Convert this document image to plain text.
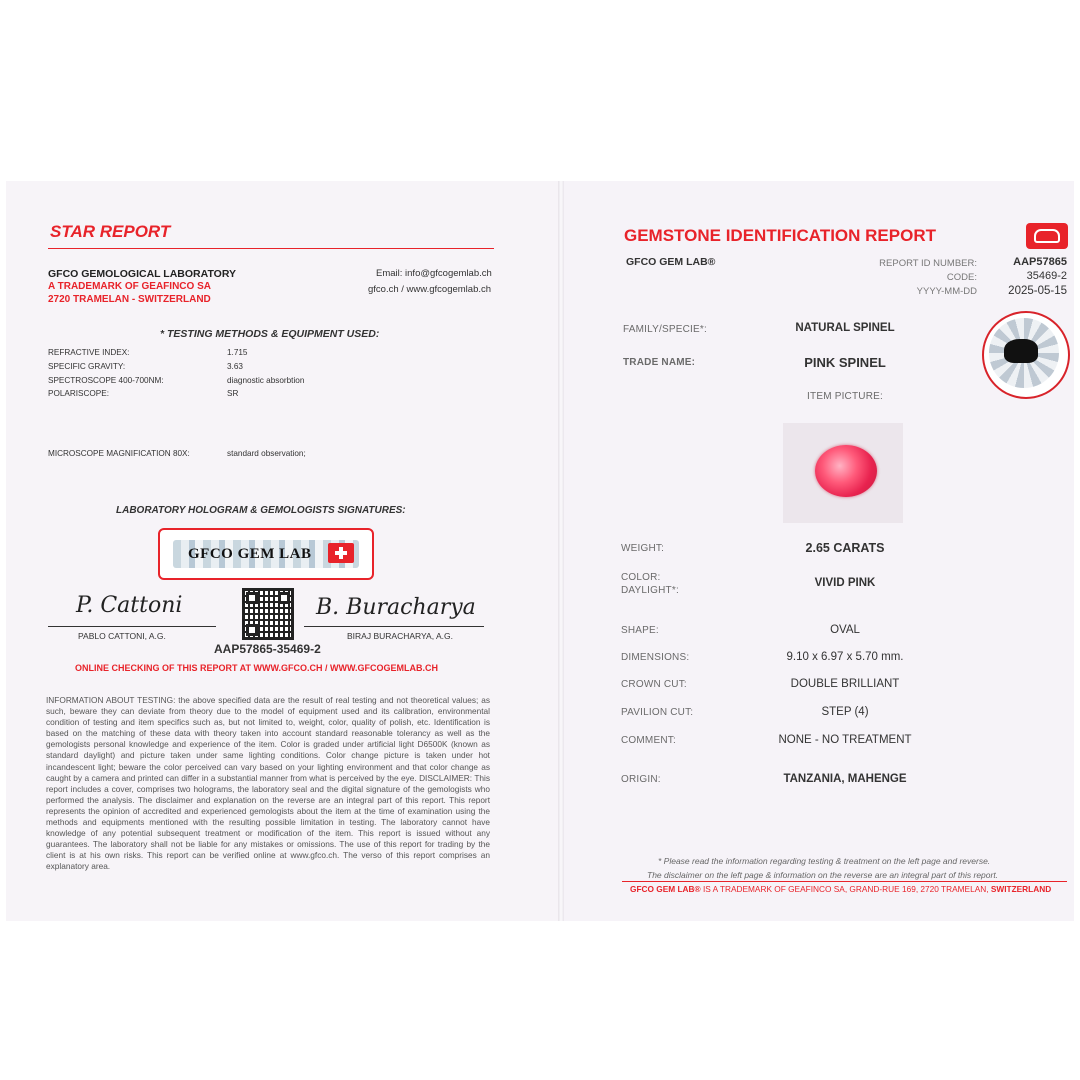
STAR REPORT
GFCO GEMOLOGICAL LABORATORY
A TRADEMARK OF GEAFINCO SA
2720 TRAMELAN - SWITZERLAND
Email: info@gfcogemlab.ch
gfco.ch / www.gfcogemlab.ch
* TESTING METHODS & EQUIPMENT USED:
REFRACTIVE INDEX:	1.715
SPECIFIC GRAVITY:	3.63
SPECTROSCOPE 400-700NM:	diagnostic absorbtion
POLARISCOPE:	SR
MICROSCOPE MAGNIFICATION 80X:	standard observation;
LABORATORY HOLOGRAM & GEMOLOGISTS SIGNATURES:
GFCO GEM LAB
P. Cattoni
PABLO CATTONI, A.G.
B. Buracharya
BIRAJ BURACHARYA, A.G.
AAP57865-35469-2
ONLINE CHECKING OF THIS REPORT AT WWW.GFCO.CH / WWW.GFCOGEMLAB.CH
INFORMATION ABOUT TESTING: the above specified data are the result of real testing and not theoretical values; as such, beware they can deviate from theory due to the model of equipment used and its calibration, environmental condition of testing and item specifics such as, but not limited to, weight, color, quality of polish, etc. Identification is based on the matching of these data with theory taken into account standard reasonable tolerancy as well as the gemologists personal knowledge and experience of the item. Color is graded under artificial light D6500K (known as standard daylight) and picture taken under same lighting conditions. Color change picture is taken under hot incandescent light; beware the color perceived can vary based on your lighting environment and that color change as caught by a camera and printed can differ in a substantial manner from what is perceived by the eye. DISCLAIMER: This report includes a cover, comprises two holograms, the laboratory seal and the digital signature of the gemologists who performed the analysis. The disclaimer and explanation on the reverse are an integral part of this report. This report represents the opinion of accredited and experienced gemologists about the item at the time of examination using the methods and equipments mentioned with the resulting possible limitation in testing. The laboratory cannot have knowledge of any potential subsequent treatment or modification of the item. This report is issued without any guarantees. The laboratory shall not be liable for any mistakes or omissions. The use of this report for trading by the client is at his own risks. This report can be verified online at www.gfco.ch. The verso of this report comprises an explanatory area.
GEMSTONE IDENTIFICATION REPORT
GFCO GEM LAB®	REPORT ID NUMBER:	AAP57865
CODE:	35469-2
YYYY-MM-DD	2025-05-15
FAMILY/SPECIE*:	NATURAL SPINEL
TRADE NAME:	PINK SPINEL
ITEM PICTURE:
WEIGHT:	2.65 CARATS
COLOR:
DAYLIGHT*:
VIVID PINK
SHAPE:	OVAL
DIMENSIONS:	9.10 x 6.97 x 5.70 mm.
CROWN CUT:	DOUBLE BRILLIANT
PAVILION CUT:	STEP (4)
COMMENT:	NONE - NO TREATMENT
ORIGIN:	TANZANIA, MAHENGE
* Please read the information regarding testing & treatment on the left page and reverse.
The disclaimer on the left page & information on the reverse are an integral part of this report.
GFCO GEM LAB® IS A TRADEMARK OF GEAFINCO SA, GRAND-RUE 169, 2720 TRAMELAN, SWITZERLAND
